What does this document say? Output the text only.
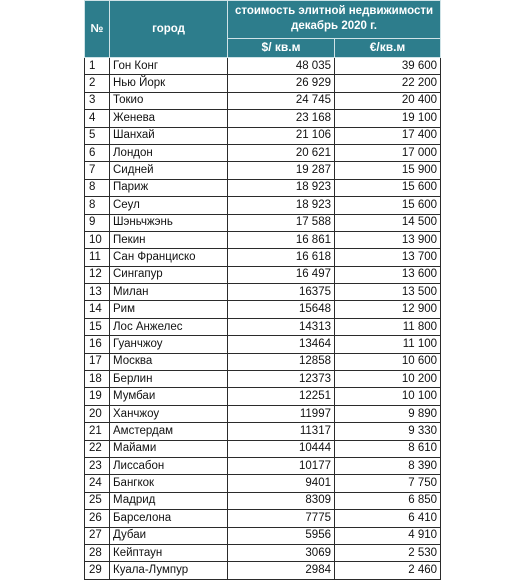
№	город	стоимость элитной недвижимости
декабрь 2020 г.	
		$/ кв.м	€/кв.м
1	Гон Конг	48 035	39 600
2	Нью Йорк	26 929	22 200
3	Токио	24 745	20 400
4	Женева	23 168	19 100
5	Шанхай	21 106	17 400
6	Лондон	20 621	17 000
7	Сидней	19 287	15 900
8	Париж	18 923	15 600
8	Сеул	18 923	15 600
9	Шэньчжэнь	17 588	14 500
10	Пекин	16 861	13 900
11	Сан Франциско	16 618	13 700
12	Сингапур	16 497	13 600
13	Милан	16375	13 500
14	Рим	15648	12 900
15	Лос Анжелес	14313	11 800
16	Гуанчжоу	13464	11 100
17	Москва	12858	10 600
18	Берлин	12373	10 200
19	Мумбаи	12251	10 100
20	Ханчжоу	11997	9 890
21	Амстердам	11317	9 330
22	Майами	10444	8 610
23	Лиссабон	10177	8 390
24	Бангкок	9401	7 750
25	Мадрид	8309	6 850
26	Барселона	7775	6 410
27	Дубаи	5956	4 910
28	Кейптаун	3069	2 530
29	Куала-Лумпур	2984	2 460
